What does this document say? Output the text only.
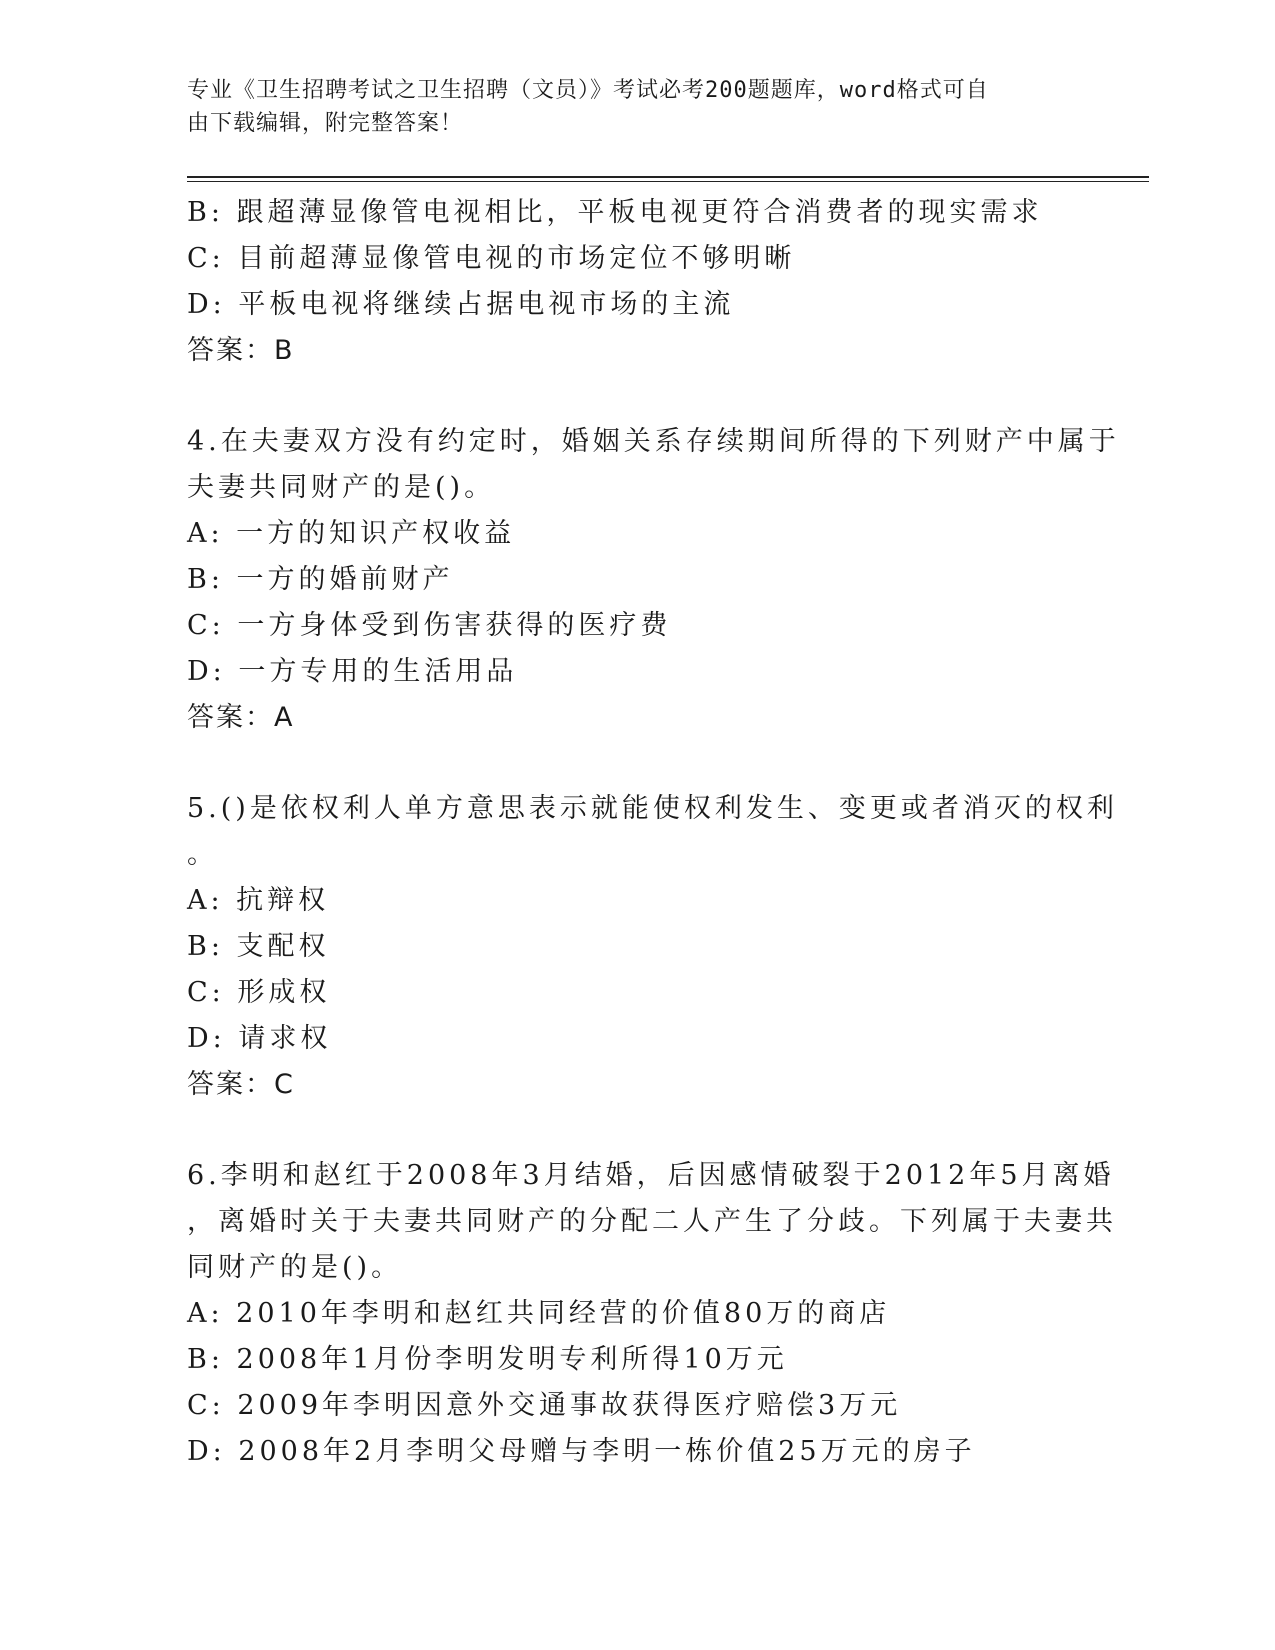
专业《卫生招聘考试之卫生招聘（文员）》考试必考200题题库，word格式可自
由下载编辑，附完整答案！
B: 跟超薄显像管电视相比，平板电视更符合消费者的现实需求
C: 目前超薄显像管电视的市场定位不够明晰
D: 平板电视将继续占据电视市场的主流
答案：B
4.在夫妻双方没有约定时，婚姻关系存续期间所得的下列财产中属于
夫妻共同财产的是()。
A: 一方的知识产权收益
B: 一方的婚前财产
C: 一方身体受到伤害获得的医疗费
D: 一方专用的生活用品
答案：A
5.()是依权利人单方意思表示就能使权利发生、变更或者消灭的权利
。
A: 抗辩权
B: 支配权
C: 形成权
D: 请求权
答案：C
6.李明和赵红于2008年3月结婚，后因感情破裂于2012年5月离婚
，离婚时关于夫妻共同财产的分配二人产生了分歧。下列属于夫妻共
同财产的是()。
A: 2010年李明和赵红共同经营的价值80万的商店
B: 2008年1月份李明发明专利所得10万元
C: 2009年李明因意外交通事故获得医疗赔偿3万元
D: 2008年2月李明父母赠与李明一栋价值25万元的房子
